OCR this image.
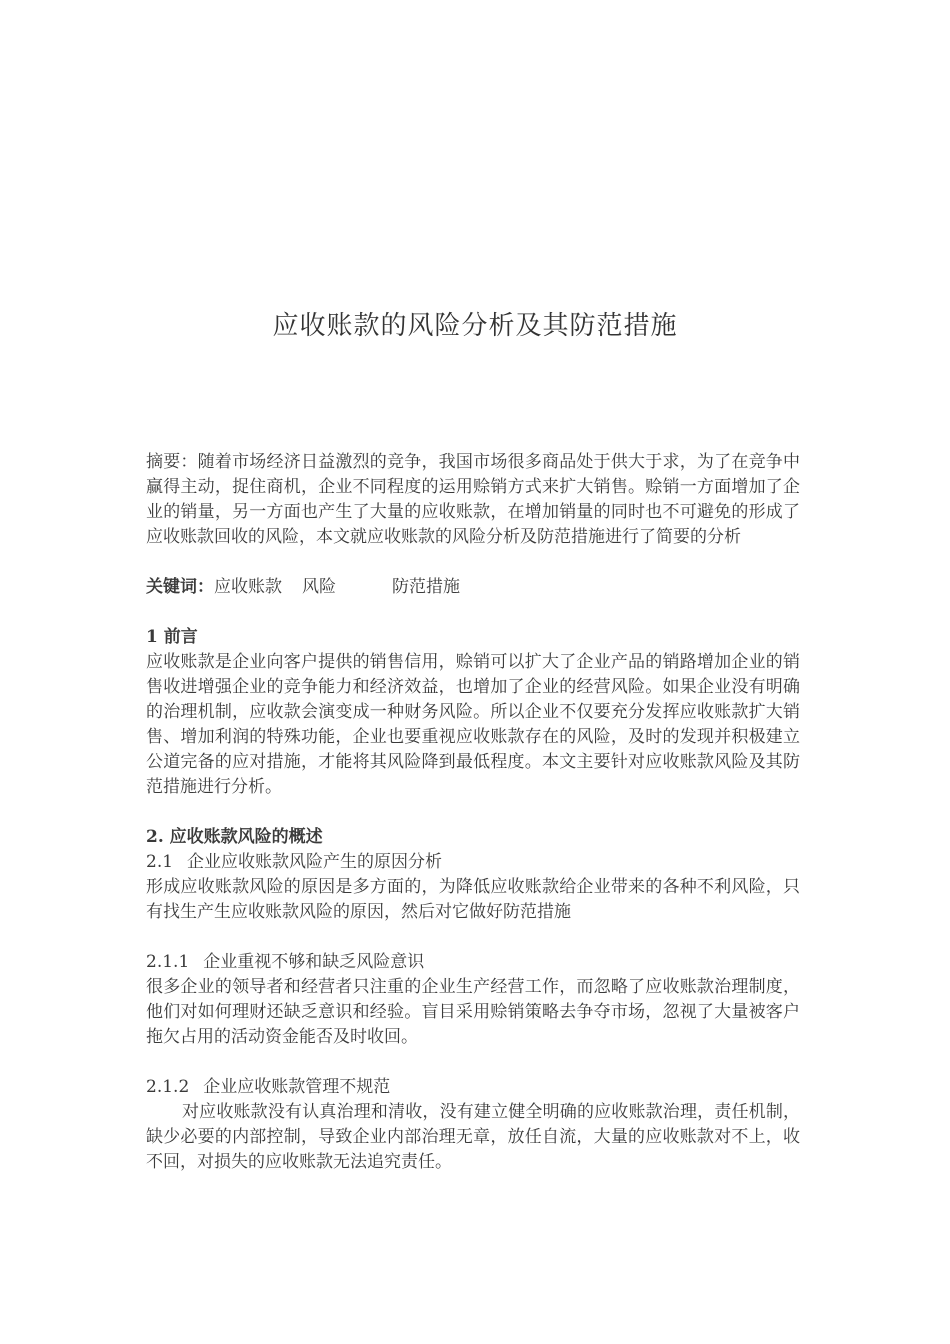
应收账款的风险分析及其防范措施

摘要：随着市场经济日益激烈的竞争，我国市场很多商品处于供大于求，为了在竞争中赢得主动，捉住商机，企业不同程度的运用赊销方式来扩大销售。赊销一方面增加了企业的销量，另一方面也产生了大量的应收账款，在增加销量的同时也不可避免的形成了应收账款回收的风险，本文就应收账款的风险分析及防范措施进行了简要的分析

关键词：应收账款 风险	防范措施

1 前言

应收账款是企业向客户提供的销售信用，赊销可以扩大了企业产品的销路增加企业的销售收进增强企业的竞争能力和经济效益，也增加了企业的经营风险。如果企业没有明确的治理机制，应收款会演变成一种财务风险。所以企业不仅要充分发挥应收账款扩大销售、增加利润的特殊功能，企业也要重视应收账款存在的风险，及时的发现并积极建立公道完备的应对措施，才能将其风险降到最低程度。本文主要针对应收账款风险及其防范措施进行分析。

2. 应收账款风险的概述

2.1 企业应收账款风险产生的原因分析

形成应收账款风险的原因是多方面的，为降低应收账款给企业带来的各种不利风险，只有找生产生应收账款风险的原因，然后对它做好防范措施

2.1.1 企业重视不够和缺乏风险意识

很多企业的领导者和经营者只注重的企业生产经营工作，而忽略了应收账款治理制度，他们对如何理财还缺乏意识和经验。盲目采用赊销策略去争夺市场，忽视了大量被客户拖欠占用的活动资金能否及时收回。

2.1.2 企业应收账款管理不规范

对应收账款没有认真治理和清收，没有建立健全明确的应收账款治理，责任机制，缺少必要的内部控制，导致企业内部治理无章，放任自流，大量的应收账款对不上，收不回，对损失的应收账款无法追究责任。
